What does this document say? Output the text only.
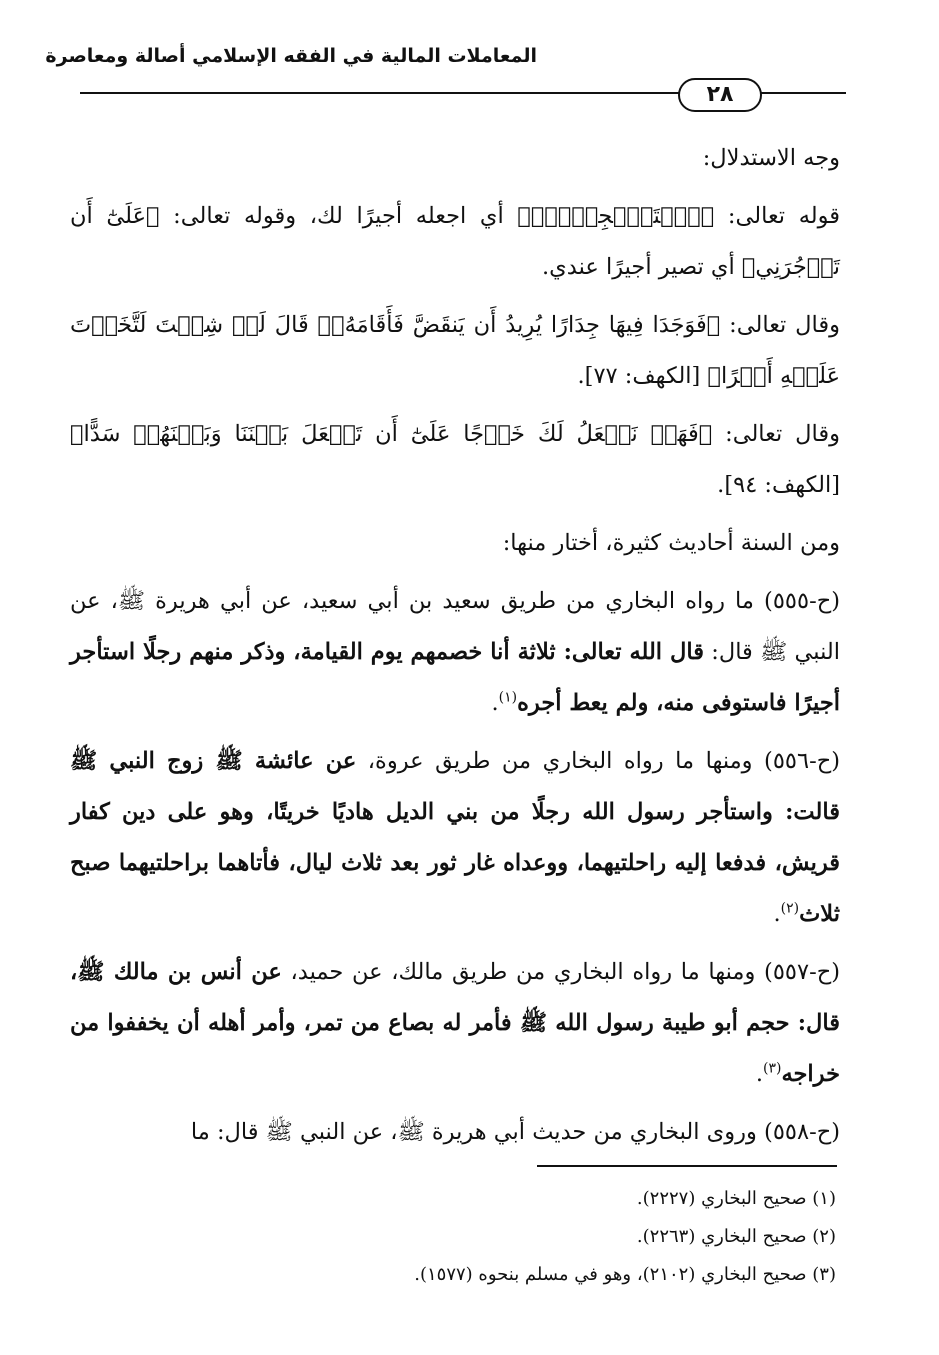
المعاملات المالية في الفقه الإسلامي أصالة ومعاصرة
٢٨

وجه الاستدلال:

قوله تعالى: ﴿ٱسۡتَـٔۡجِرۡهُۖ﴾ أي اجعله أجيرًا لك، وقوله تعالى: ﴿عَلَىٰٓ أَن تَأۡجُرَنِي﴾ أي تصير أجيرًا عندي.

وقال تعالى: ﴿فَوَجَدَا فِيهَا جِدَارًا يُرِيدُ أَن يَنقَضَّ فَأَقَامَهُۥۖ قَالَ لَوۡ شِئۡتَ لَتَّخَذۡتَ عَلَيۡهِ أَجۡرًا﴾ [الكهف: ٧٧].

وقال تعالى: ﴿فَهَلۡ نَجۡعَلُ لَكَ خَرۡجًا عَلَىٰٓ أَن تَجۡعَلَ بَيۡنَنَا وَبَيۡنَهُمۡ سَدًّا﴾ [الكهف: ٩٤].

ومن السنة أحاديث كثيرة، أختار منها:

(ح-٥٥٥) ما رواه البخاري من طريق سعيد بن أبي سعيد، عن أبي هريرة ﷺ، عن النبي ﷺ قال: قال الله تعالى: ثلاثة أنا خصمهم يوم القيامة، وذكر منهم رجلًا استأجر أجيرًا فاستوفى منه، ولم يعط أجره$^{(١)}$.

(ح-٥٥٦) ومنها ما رواه البخاري من طريق عروة، عن عائشة ﷺ زوج النبي ﷺ قالت: واستأجر رسول الله رجلًا من بني الديل هاديًا خريتًا، وهو على دين كفار قريش، فدفعا إليه راحلتيهما، ووعداه غار ثور بعد ثلاث ليال، فأتاهما براحلتيهما صبح ثلاث$^{(٢)}$.

(ح-٥٥٧) ومنها ما رواه البخاري من طريق مالك، عن حميد، عن أنس بن مالك ﷺ، قال: حجم أبو طيبة رسول الله ﷺ فأمر له بصاع من تمر، وأمر أهله أن يخففوا من خراجه$^{(٣)}$.

(ح-٥٥٨) وروى البخاري من حديث أبي هريرة ﷺ، عن النبي ﷺ قال: ما

(١) صحيح البخاري (٢٢٢٧).
(٢) صحيح البخاري (٢٢٦٣).
(٣) صحيح البخاري (٢١٠٢)، وهو في مسلم بنحوه (١٥٧٧).
